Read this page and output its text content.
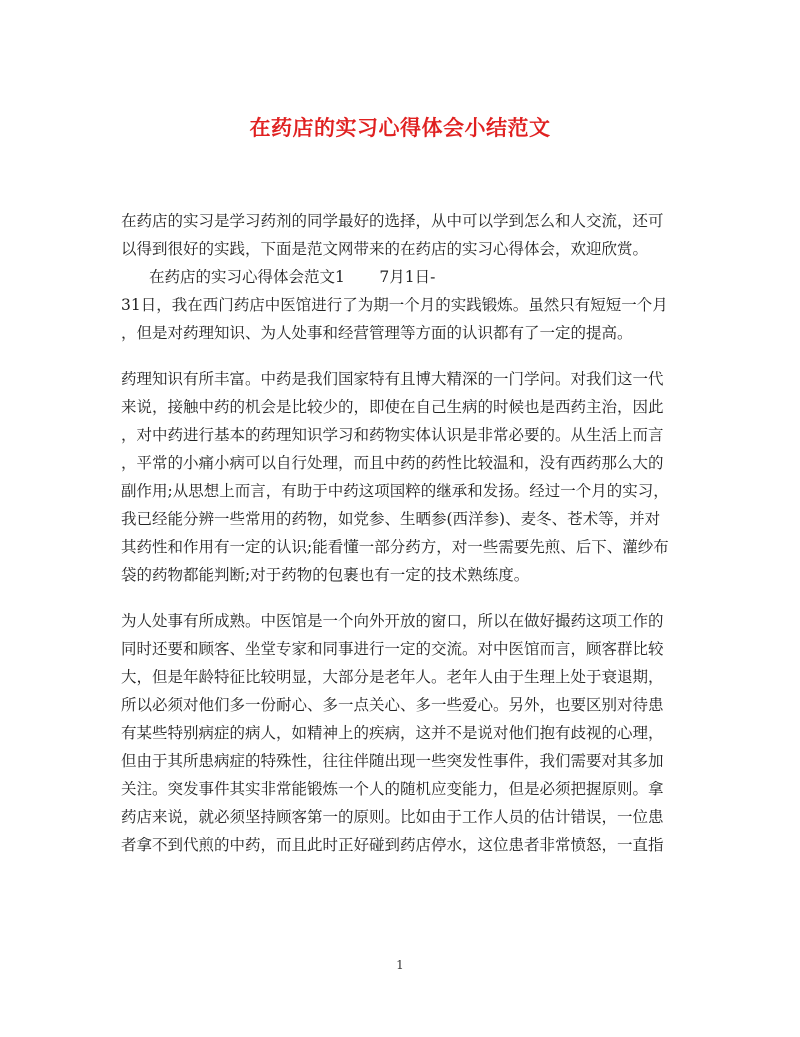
在药店的实习心得体会小结范文
在药店的实习是学习药剂的同学最好的选择，从中可以学到怎么和人交流，还可
以得到很好的实践，下面是范文网带来的在药店的实习心得体会，欢迎欣赏。
在药店的实习心得体会范文1       7月1日-
31日，我在西门药店中医馆进行了为期一个月的实践锻炼。虽然只有短短一个月
，但是对药理知识、为人处事和经营管理等方面的认识都有了一定的提高。
药理知识有所丰富。中药是我们国家特有且博大精深的一门学问。对我们这一代
来说，接触中药的机会是比较少的，即使在自己生病的时候也是西药主治，因此
，对中药进行基本的药理知识学习和药物实体认识是非常必要的。从生活上而言
，平常的小痛小病可以自行处理，而且中药的药性比较温和，没有西药那么大的
副作用;从思想上而言，有助于中药这项国粹的继承和发扬。经过一个月的实习，
我已经能分辨一些常用的药物，如党参、生晒参(西洋参)、麦冬、苍术等，并对
其药性和作用有一定的认识;能看懂一部分药方，对一些需要先煎、后下、灌纱布
袋的药物都能判断;对于药物的包裹也有一定的技术熟练度。
为人处事有所成熟。中医馆是一个向外开放的窗口，所以在做好撮药这项工作的
同时还要和顾客、坐堂专家和同事进行一定的交流。对中医馆而言，顾客群比较
大，但是年龄特征比较明显，大部分是老年人。老年人由于生理上处于衰退期，
所以必须对他们多一份耐心、多一点关心、多一些爱心。另外，也要区别对待患
有某些特别病症的病人，如精神上的疾病，这并不是说对他们抱有歧视的心理，
但由于其所患病症的特殊性，往往伴随出现一些突发性事件，我们需要对其多加
关注。突发事件其实非常能锻炼一个人的随机应变能力，但是必须把握原则。拿
药店来说，就必须坚持顾客第一的原则。比如由于工作人员的估计错误，一位患
者拿不到代煎的中药，而且此时正好碰到药店停水，这位患者非常愤怒，一直指
1
